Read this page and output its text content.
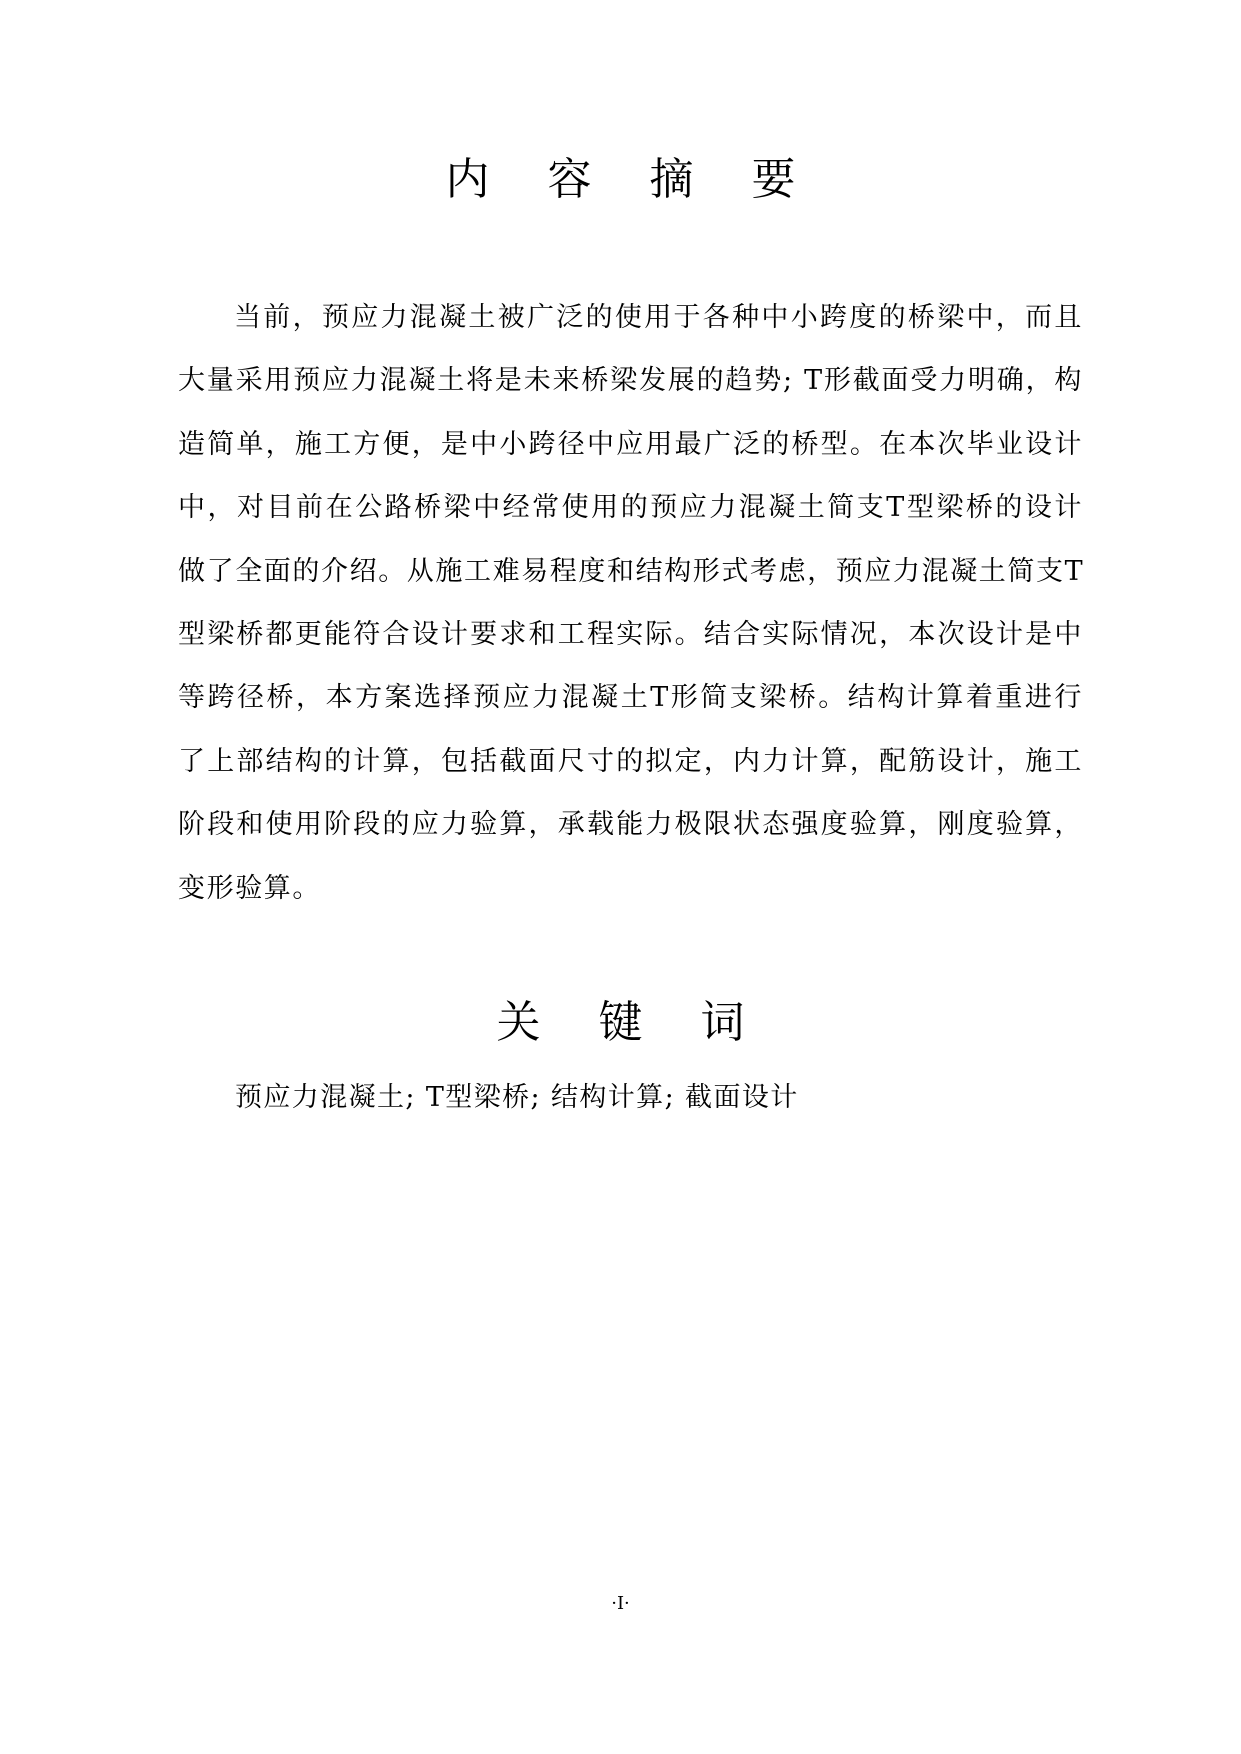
内 容 摘 要
当前，预应力混凝土被广泛的使用于各种中小跨度的桥梁中，而且
大量采用预应力混凝土将是未来桥梁发展的趋势; T形截面受力明确，构
造简单，施工方便，是中小跨径中应用最广泛的桥型。在本次毕业设计
中，对目前在公路桥梁中经常使用的预应力混凝土简支T型梁桥的设计
做了全面的介绍。从施工难易程度和结构形式考虑，预应力混凝土简支T
型梁桥都更能符合设计要求和工程实际。结合实际情况，本次设计是中
等跨径桥，本方案选择预应力混凝土T形简支梁桥。结构计算着重进行
了上部结构的计算，包括截面尺寸的拟定，内力计算，配筋设计，施工
阶段和使用阶段的应力验算，承载能力极限状态强度验算，刚度验算，
变形验算。
关 键 词

预应力混凝土; T型梁桥; 结构计算; 截面设计

·I·
